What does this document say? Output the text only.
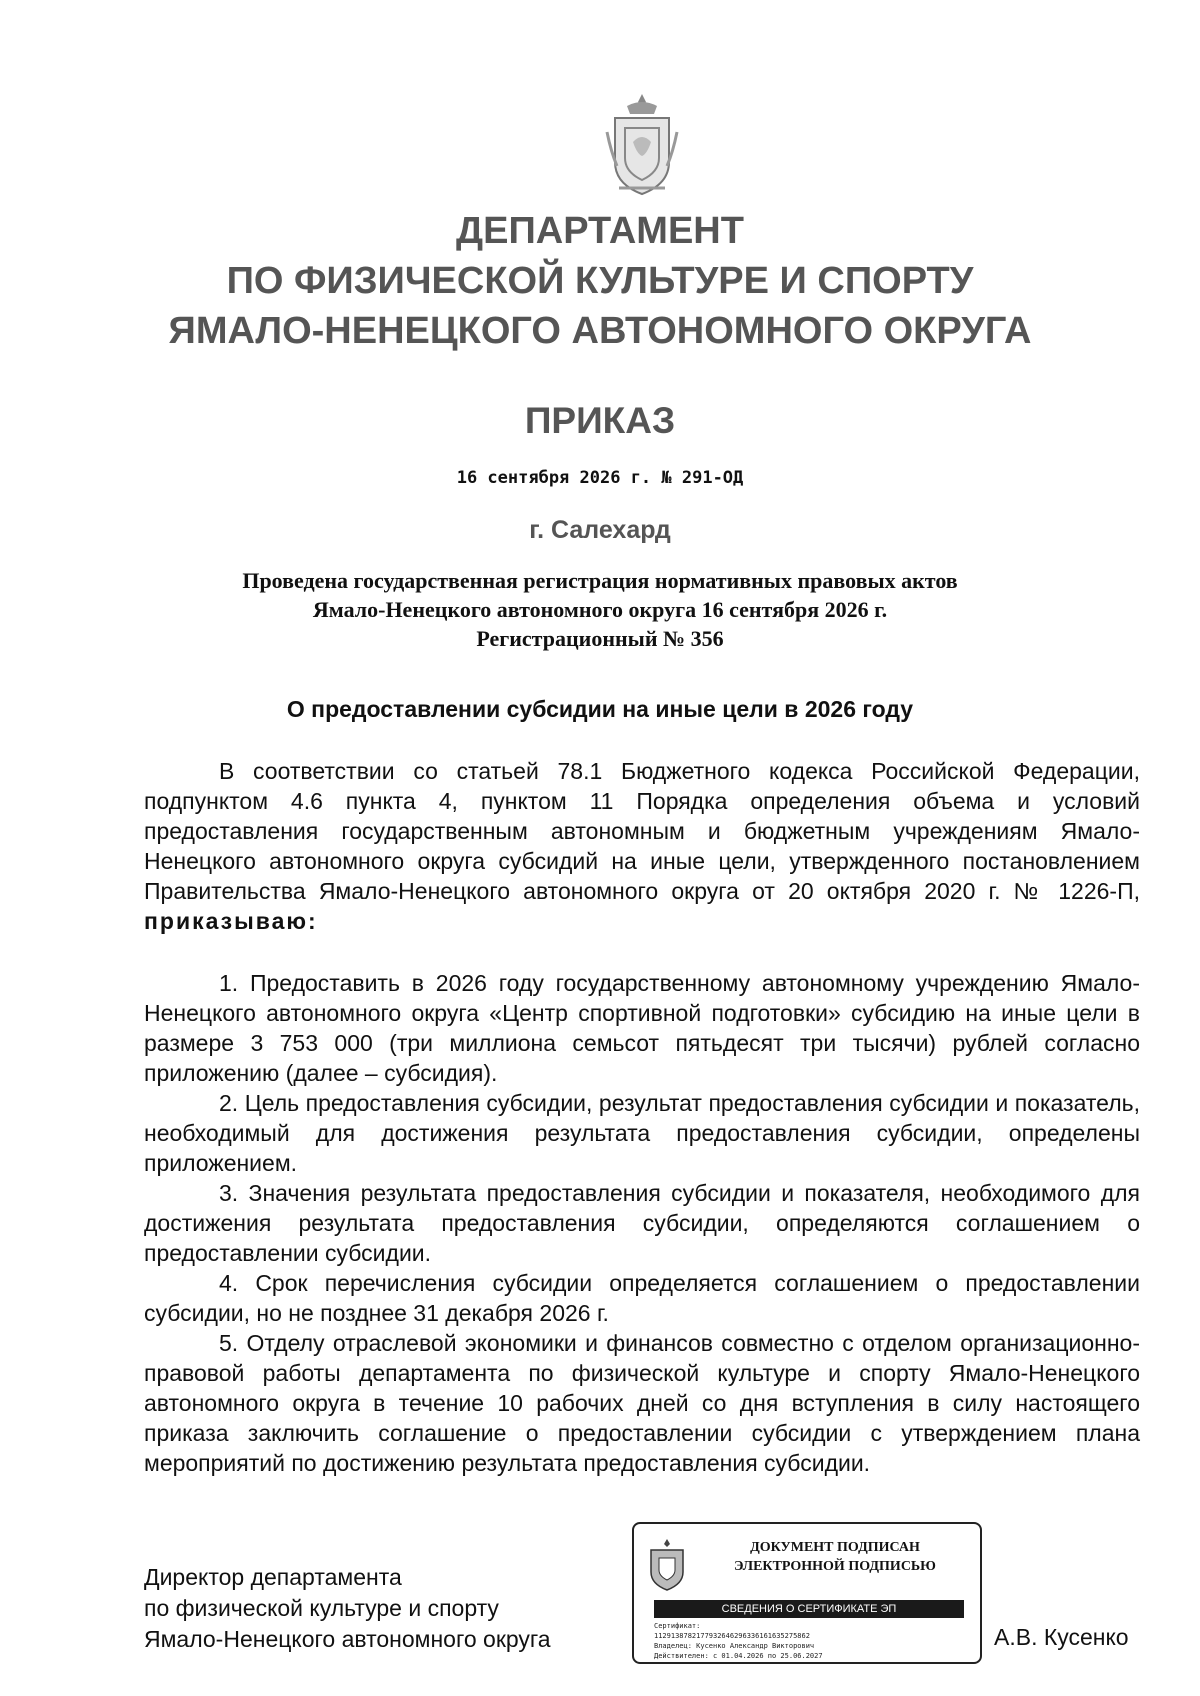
ДЕПАРТАМЕНТ
ПО ФИЗИЧЕСКОЙ КУЛЬТУРЕ И СПОРТУ
ЯМАЛО-НЕНЕЦКОГО АВТОНОМНОГО ОКРУГА
ПРИКАЗ
16 сентября 2026 г. № 291-ОД
г. Салехард
Проведена государственная регистрация нормативных правовых актов
Ямало-Ненецкого автономного округа 16 сентября 2026 г.
Регистрационный № 356
О предоставлении субсидии на иные цели в 2026 году

В соответствии со статьей 78.1 Бюджетного кодекса Российской Федерации, подпунктом 4.6 пункта 4, пунктом 11 Порядка определения объема и условий предоставления государственным автономным и бюджетным учреждениям Ямало-Ненецкого автономного округа субсидий на иные цели, утвержденного постановлением Правительства Ямало-Ненецкого автономного округа от 20 октября 2020 г. № 1226-П, приказываю:

1. Предоставить в 2026 году государственному автономному учреждению Ямало-Ненецкого автономного округа «Центр спортивной подготовки» субсидию на иные цели в размере 3 753 000 (три миллиона семьсот пятьдесят три тысячи) рублей согласно приложению (далее – субсидия).

2. Цель предоставления субсидии, результат предоставления субсидии и показатель, необходимый для достижения результата предоставления субсидии, определены приложением.

3. Значения результата предоставления субсидии и показателя, необходимого для достижения результата предоставления субсидии, определяются соглашением о предоставлении субсидии.

4. Срок перечисления субсидии определяется соглашением о предоставлении субсидии, но не позднее 31 декабря 2026 г.

5. Отделу отраслевой экономики и финансов совместно с отделом организационно-правовой работы департамента по физической культуре и спорту Ямало-Ненецкого автономного округа в течение 10 рабочих дней со дня вступления в силу настоящего приказа заключить соглашение о предоставлении субсидии с утверждением плана мероприятий по достижению результата предоставления субсидии.

Директор департамента
по физической культуре и спорту
Ямало-Ненецкого автономного округа
ДОКУМЕНТ ПОДПИСАН
ЭЛЕКТРОННОЙ ПОДПИСЬЮ
СВЕДЕНИЯ О СЕРТИФИКАТЕ ЭП
Сертификат:
1129138782177932646296336161635275862
Владелец: Кусенко Александр Викторович
Действителен: с 01.04.2026 по 25.06.2027
А.В. Кусенко
